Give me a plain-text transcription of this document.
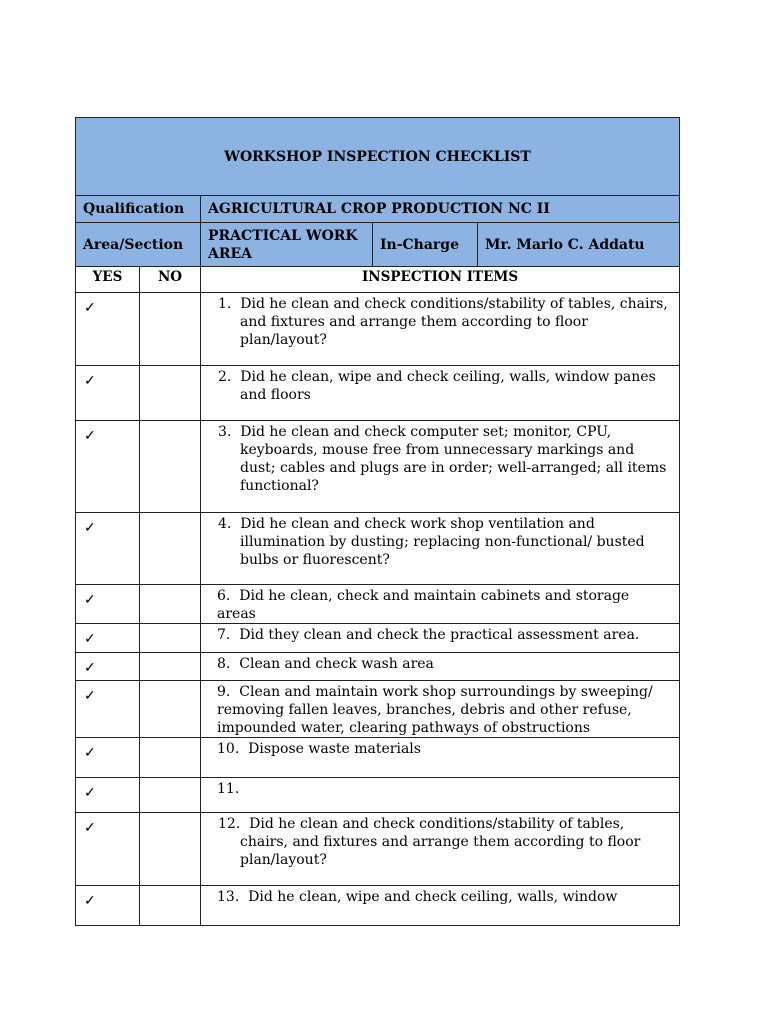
WORKSHOP INSPECTION CHECKLIST				
Qualification		AGRICULTURAL CROP PRODUCTION NC II		
Area/Section		PRACTICAL WORK AREA	In-Charge	Mr. Marlo C. Addatu
YES	NO	INSPECTION ITEMS		
✓		1. Did he clean and check conditions/stability of tables, chairs, and fixtures and arrange them according to floor plan/layout?		

✓		2. Did he clean, wipe and check ceiling, walls, window panes and floors		

✓		3. Did he clean and check computer set; monitor, CPU, keyboards, mouse free from unnecessary markings and dust; cables and plugs are in order; well-arranged; all items functional?		

✓		4. Did he clean and check work shop ventilation and illumination by dusting; replacing non-functional/ busted bulbs or fluorescent?		

✓		6. Did he clean, check and maintain cabinets and storage areas		

✓		7. Did they clean and check the practical assessment area.		

✓		8. Clean and check wash area		

✓		9. Clean and maintain work shop surroundings by sweeping/ removing fallen leaves, branches, debris and other refuse, impounded water, clearing pathways of obstructions		

✓		10. Dispose waste materials		

✓		11.		

✓		12. Did he clean and check conditions/stability of tables, chairs, and fixtures and arrange them according to floor plan/layout?		

✓		13. Did he clean, wipe and check ceiling, walls, window		
